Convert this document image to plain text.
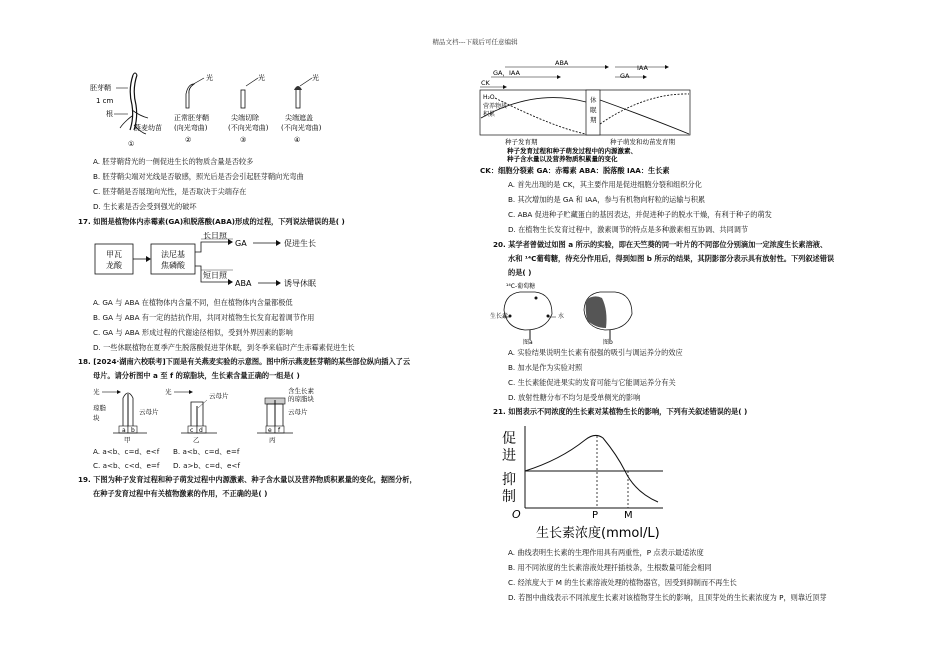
精品文档---下载后可任意编辑
胚芽鞘
1 cm
根
燕麦幼苗
①
光
正常胚芽鞘
(向光弯曲)
②
光
尖端切除
(不向光弯曲)
③
光
尖端遮盖
(不向光弯曲)
④
A. 胚芽鞘背光的一侧促进生长的物质含量是否较多
B. 胚芽鞘尖端对光线是否敏感，照光后是否会引起胚芽鞘向光弯曲
C. 胚芽鞘是否展现向光性，是否取决于尖端存在
D. 生长素是否会受到强光的破坏
17. 如图是植物体内赤霉素(GA)和脱落酸(ABA)形成的过程，下列说法错误的是( )
甲瓦
龙酸
法尼基
焦磷酸
长日照
短日照
GA	促进生长
ABA	诱导休眠
A. GA 与 ABA 在植物体内含量不同，但在植物体内含量都极低
B. GA 与 ABA 有一定的拮抗作用，共同对植物生长发育起着调节作用
C. GA 与 ABA 形成过程的代谢途径相似，受到外界因素的影响
D. 一些休眠植物在夏季产生脱落酸促进芽休眠，到冬季来临时产生赤霉素促进生长
18. [2024·湖南六校联考]下面是有关燕麦实验的示意图。图中所示燕麦胚芽鞘的某些部位纵向插入了云
母片。请分析图中 a 至 f 的琼脂块，生长素含量正确的一组是( )
光
琼脂
块
a b
云母片
甲
光
c d
云母片
乙
含生长素
的琼脂块
e f
云母片
丙
A. a<b、c=d、e<f B. a<b、c=d、e=f
C. a<b、c<d、e=f D. a>b、c=d、e<f
19. 下图为种子发育过程和种子萌发过程中内源激素、种子含水量以及营养物质积累量的变化，据图分析，
在种子发育过程中有关植物激素的作用，不正确的是( )
ABA
GA，IAA
IAA
GA
CK
休
眠
期
H₂O
营养物质
积累
种子发育期	种子萌发和幼苗发育期
种子发育过程和种子萌发过程中的内源激素、
种子含水量以及营养物质积累量的变化
CK：细胞分裂素 GA：赤霉素 ABA：脱落酸 IAA：生长素
A. 首先出现的是 CK，其主要作用是促进细胞分裂和组织分化
B. 其次增加的是 GA 和 IAA，参与有机物向籽粒的运输与积累
C. ABA 促进种子贮藏蛋白的基因表达，并促进种子的脱水干燥，有利于种子的萌发
D. 在植物生长发育过程中，激素调节的特点是多种激素相互协调、共同调节
20. 某学者曾做过如图 a 所示的实验，即在天竺葵的同一叶片的不同部位分别滴加一定浓度生长素溶液、
水和 ¹⁴C葡萄糖，待充分作用后，得到如图 b 所示的结果，其阴影部分表示具有放射性。下列叙述错误
的是( )
¹⁴C-葡萄糖
生长素	水
图a	图b
A. 实验结果说明生长素有很强的吸引与调运养分的效应
B. 加水是作为实验对照
C. 生长素能促进果实的发育可能与它能调运养分有关
D. 放射性糖分布不均匀是受单侧光的影响
21. 如图表示不同浓度的生长素对某植物生长的影响，下列有关叙述错误的是( )
促
进
抑
制
O	P	M
生长素浓度(mmol/L)
A. 曲线表明生长素的生理作用具有两重性，P 点表示最适浓度
B. 用不同浓度的生长素溶液处理扦插枝条，生根数量可能会相同
C. 经浓度大于 M 的生长素溶液处理的植物器官，因受到抑制而不再生长
D. 若图中曲线表示不同浓度生长素对该植物芽生长的影响，且顶芽处的生长素浓度为 P，则靠近顶芽
